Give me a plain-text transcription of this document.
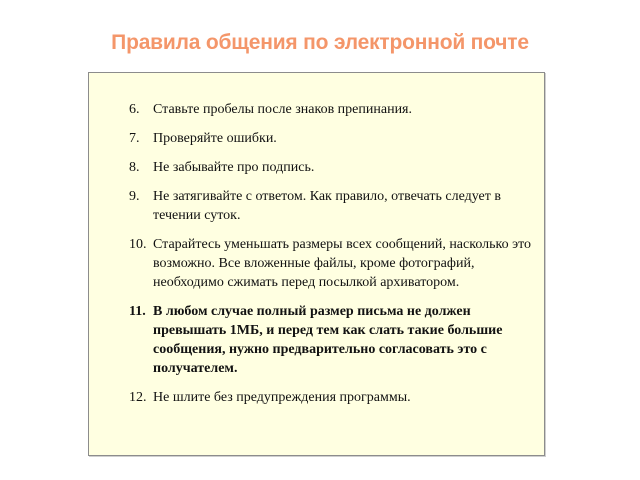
Правила общения по электронной почте
6. Ставьте пробелы после знаков препинания.
7. Проверяйте ошибки.
8. Не забывайте про подпись.
9. Не затягивайте с ответом. Как правило, отвечать следует в течении суток.
10. Старайтесь уменьшать размеры всех сообщений, насколько это возможно. Все вложенные файлы, кроме фотографий, необходимо сжимать перед посылкой архиватором.
11. В любом случае полный размер письма не должен превышать 1МБ, и перед тем как слать такие большие сообщения, нужно предварительно согласовать это с получателем.
12. Не шлите без предупреждения программы.
